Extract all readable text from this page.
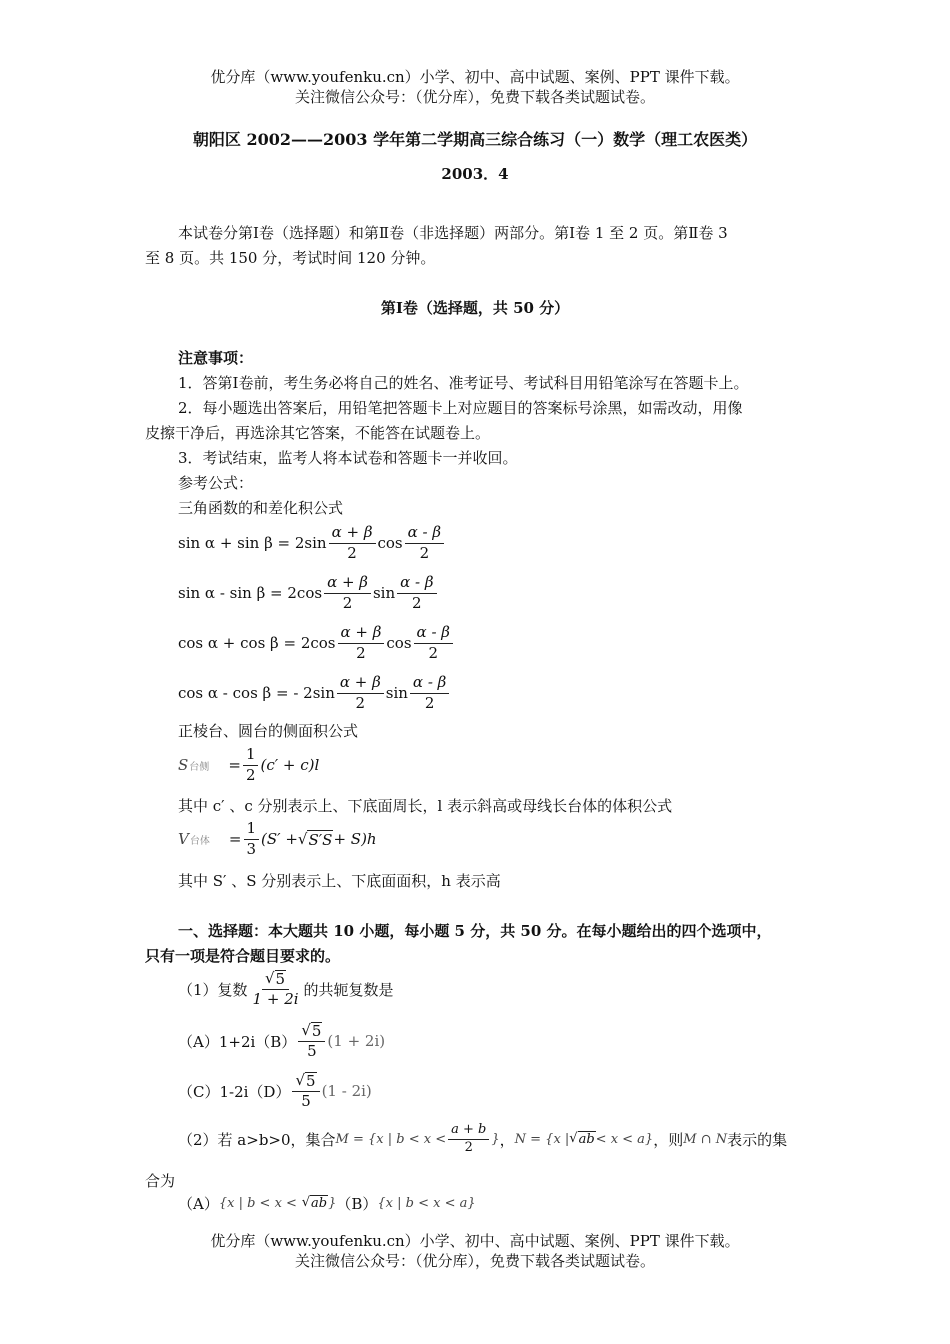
优分库（www.youfenku.cn）小学、初中、高中试题、案例、PPT 课件下载。
关注微信公众号：（优分库），免费下载各类试题试卷。
朝阳区 2002——2003 学年第二学期高三综合练习（一）数学（理工农医类）
2003．4
本试卷分第Ⅰ卷（选择题）和第Ⅱ卷（非选择题）两部分。第Ⅰ卷 1 至 2 页。第Ⅱ卷 3
至 8 页。共 150 分，考试时间 120 分钟。
第Ⅰ卷（选择题，共 50 分）
注意事项：
1．答第Ⅰ卷前，考生务必将自己的姓名、准考证号、考试科目用铅笔涂写在答题卡上。
2．每小题选出答案后，用铅笔把答题卡上对应题目的答案标号涂黑，如需改动，用像
皮擦干净后，再选涂其它答案，不能答在试题卷上。
3．考试结束，监考人将本试卷和答题卡一并收回。
参考公式：
三角函数的和差化积公式
sin α + sin β
= $2\sin \frac{\alpha + \beta}{2}$ $\cos \frac{\alpha - \beta}{2}$
sin α - sin β
= $2\cos \frac{\alpha + \beta}{2}$ $\sin \frac{\alpha - \beta}{2}$
cos α + cos β
= $2\cos \frac{\alpha + \beta}{2}$ $\cos \frac{\alpha - \beta}{2}$
cos α - cos β
= - $2\sin \frac{\alpha + \beta}{2}$ $\sin \frac{\alpha - \beta}{2}$
正棱台、圆台的侧面积公式
S 台侧
= $\frac{1}{2} (c' + c)l$
其中 c′ 、c 分别表示上、下底面周长，l 表示斜高或母线长台体的体积公式
V 台体
= $\frac{1}{3} (S'$ + √ S′S + S)h
其中 S′ 、S 分别表示上、下底面面积，h 表示高
一、选择题：本大题共 10 小题，每小题 5 分，共 50 分。在每小题给出的四个选项中，
只有一项是符合题目要求的。
（1）复数 $\frac{√ 5}{1 + 2i}$ 的共轭复数是
$(A)1+2i(B) \frac{√ 5}{5} (1 + 2i)$
$(C)1-2i(D) \frac{√ 5}{5} (1 - 2i)$
（2）若 a>b>0，集合 M = {x | $b < x < \frac{a + b}{2}$ } ， N = {x | √ ab < x < a} ，则 M ∩ N 表示的集
合为
（A） {x | b < x <
√ ab } （B） {x | b < x < a}
优分库（www.youfenku.cn）小学、初中、高中试题、案例、PPT 课件下载。
关注微信公众号：（优分库），免费下载各类试题试卷。
